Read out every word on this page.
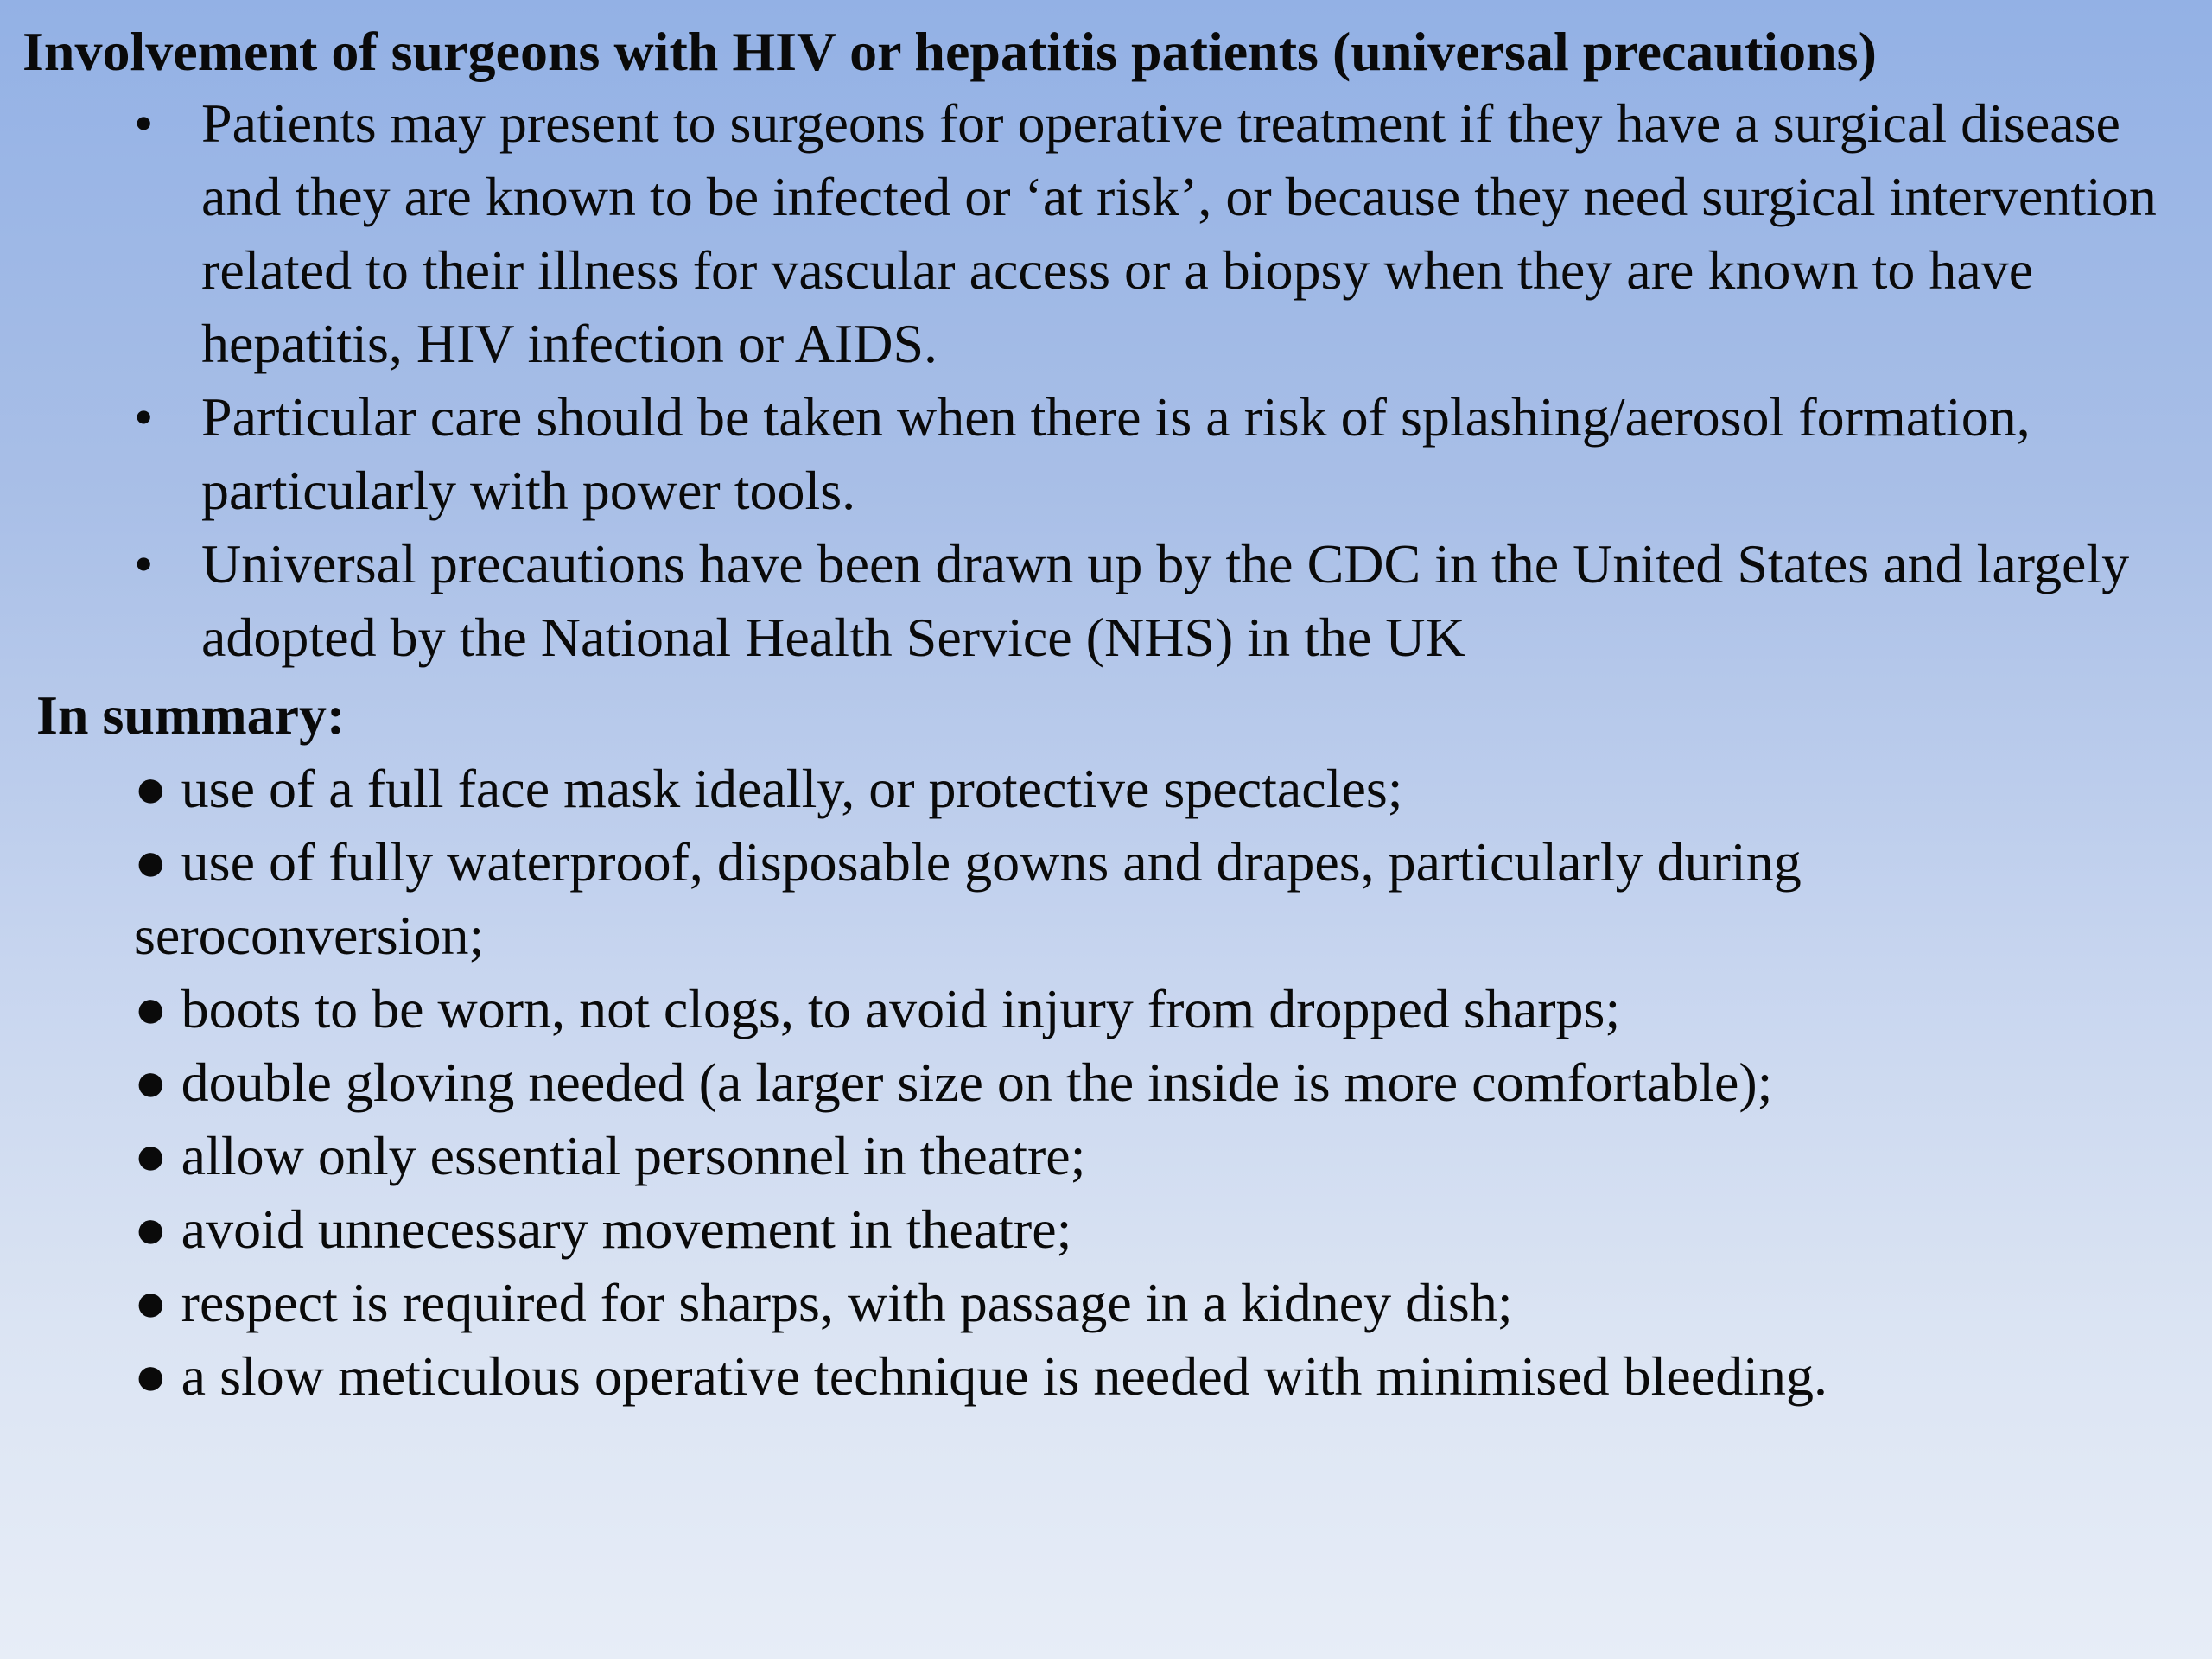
Involvement of surgeons with HIV or hepatitis patients (universal precautions)
• Patients may present to surgeons for operative treatment if they have a surgical disease and they are known to be infected or ‘at risk’, or because they need surgical intervention related to their illness for vascular access or a biopsy when they are known to have hepatitis, HIV infection or AIDS.
• Particular care should be taken when there is a risk of splashing/aerosol formation, particularly with power tools.
• Universal precautions have been drawn up by the CDC in the United States and largely adopted by the National Health Service (NHS) in the UK
In summary:
● use of a full face mask ideally, or protective spectacles;
● use of fully waterproof, disposable gowns and drapes, particularly during
seroconversion;
● boots to be worn, not clogs, to avoid injury from dropped sharps;
● double gloving needed (a larger size on the inside is more comfortable);
● allow only essential personnel in theatre;
● avoid unnecessary movement in theatre;
● respect is required for sharps, with passage in a kidney dish;
● a slow meticulous operative technique is needed with minimised bleeding.
